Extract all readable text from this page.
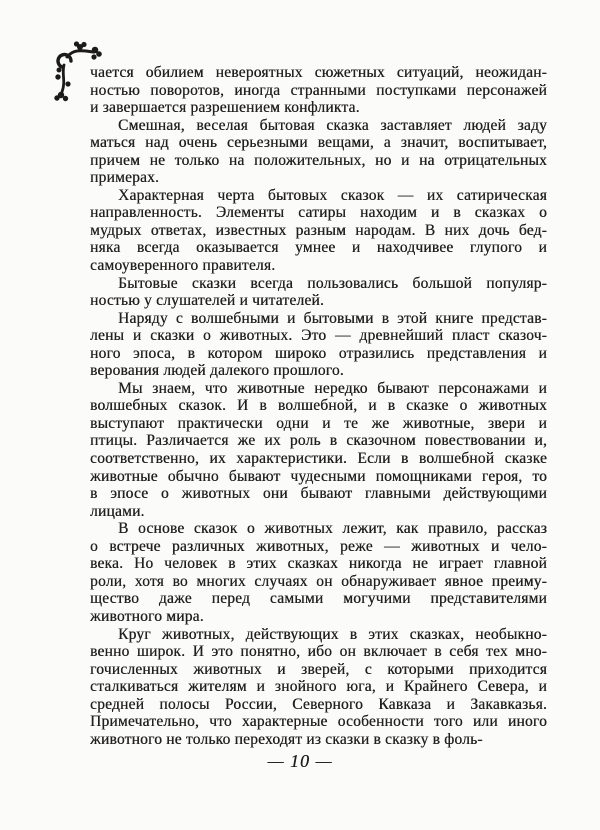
чается обилием невероятных сюжетных ситуаций, неожидан-
ностью поворотов, иногда странными поступками персонажей
и завершается разрешением конфликта.
Смешная, веселая бытовая сказка заставляет людей заду
маться над очень серьезными вещами, а значит, воспитывает,
причем не только на положительных, но и на отрицательных
примерах.
Характерная черта бытовых сказок — их сатирическая
направленность. Элементы сатиры находим и в сказках о
мудрых ответах, известных разным народам. В них дочь бед-
няка всегда оказывается умнее и находчивее глупого и
самоуверенного правителя.
Бытовые сказки всегда пользовались большой популяр-
ностью у слушателей и читателей.
Наряду с волшебными и бытовыми в этой книге представ-
лены и сказки о животных. Это — древнейший пласт сказоч-
ного эпоса, в котором широко отразились представления и
верования людей далекого прошлого.
Мы знаем, что животные нередко бывают персонажами и
волшебных сказок. И в волшебной, и в сказке о животных
выступают практически одни и те же животные, звери и
птицы. Различается же их роль в сказочном повествовании и,
соответственно, их характеристики. Если в волшебной сказке
животные обычно бывают чудесными помощниками героя, то
в эпосе о животных они бывают главными действующими
лицами.
В основе сказок о животных лежит, как правило, рассказ
о встрече различных животных, реже — животных и чело-
века. Но человек в этих сказках никогда не играет главной
роли, хотя во многих случаях он обнаруживает явное преиму-
щество даже перед самыми могучими представителями
животного мира.
Круг животных, действующих в этих сказках, необыкно-
венно широк. И это понятно, ибо он включает в себя тех мно-
гочисленных животных и зверей, с которыми приходится
сталкиваться жителям и знойного юга, и Крайнего Севера, и
средней полосы России, Северного Кавказа и Закавказья.
Примечательно, что характерные особенности того или иного
животного не только переходят из сказки в сказку в фоль-
— 10 —
